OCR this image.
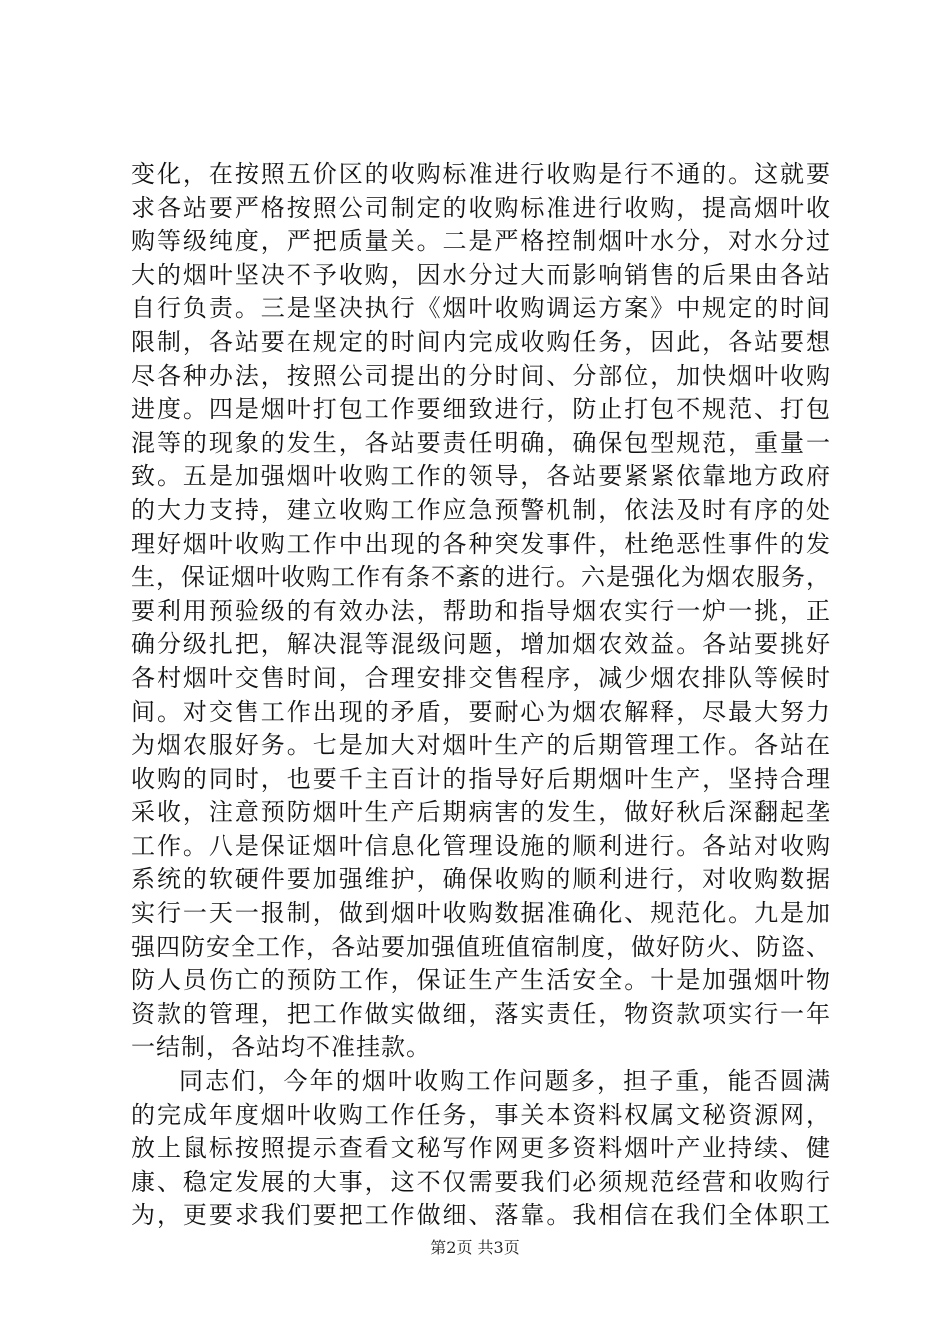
变化，在按照五价区的收购标准进行收购是行不通的。这就要
求各站要严格按照公司制定的收购标准进行收购，提高烟叶收
购等级纯度，严把质量关。二是严格控制烟叶水分，对水分过
大的烟叶坚决不予收购，因水分过大而影响销售的后果由各站
自行负责。三是坚决执行《烟叶收购调运方案》中规定的时间
限制，各站要在规定的时间内完成收购任务，因此，各站要想
尽各种办法，按照公司提出的分时间、分部位，加快烟叶收购
进度。四是烟叶打包工作要细致进行，防止打包不规范、打包
混等的现象的发生，各站要责任明确，确保包型规范，重量一
致。五是加强烟叶收购工作的领导，各站要紧紧依靠地方政府
的大力支持，建立收购工作应急预警机制，依法及时有序的处
理好烟叶收购工作中出现的各种突发事件，杜绝恶性事件的发
生，保证烟叶收购工作有条不紊的进行。六是强化为烟农服务，
要利用预验级的有效办法，帮助和指导烟农实行一炉一挑，正
确分级扎把，解决混等混级问题，增加烟农效益。各站要挑好
各村烟叶交售时间，合理安排交售程序，减少烟农排队等候时
间。对交售工作出现的矛盾，要耐心为烟农解释，尽最大努力
为烟农服好务。七是加大对烟叶生产的后期管理工作。各站在
收购的同时，也要千主百计的指导好后期烟叶生产，坚持合理
采收，注意预防烟叶生产后期病害的发生，做好秋后深翻起垄
工作。八是保证烟叶信息化管理设施的顺利进行。各站对收购
系统的软硬件要加强维护，确保收购的顺利进行，对收购数据
实行一天一报制，做到烟叶收购数据准确化、规范化。九是加
强四防安全工作，各站要加强值班值宿制度，做好防火、防盗、
防人员伤亡的预防工作，保证生产生活安全。十是加强烟叶物
资款的管理，把工作做实做细，落实责任，物资款项实行一年
一结制，各站均不准挂款。
同志们，今年的烟叶收购工作问题多，担子重，能否圆满
的完成年度烟叶收购工作任务，事关本资料权属文秘资源网，
放上鼠标按照提示查看文秘写作网更多资料烟叶产业持续、健
康、稳定发展的大事，这不仅需要我们必须规范经营和收购行
为，更要求我们要把工作做细、落靠。我相信在我们全体职工
第2页 共3页
